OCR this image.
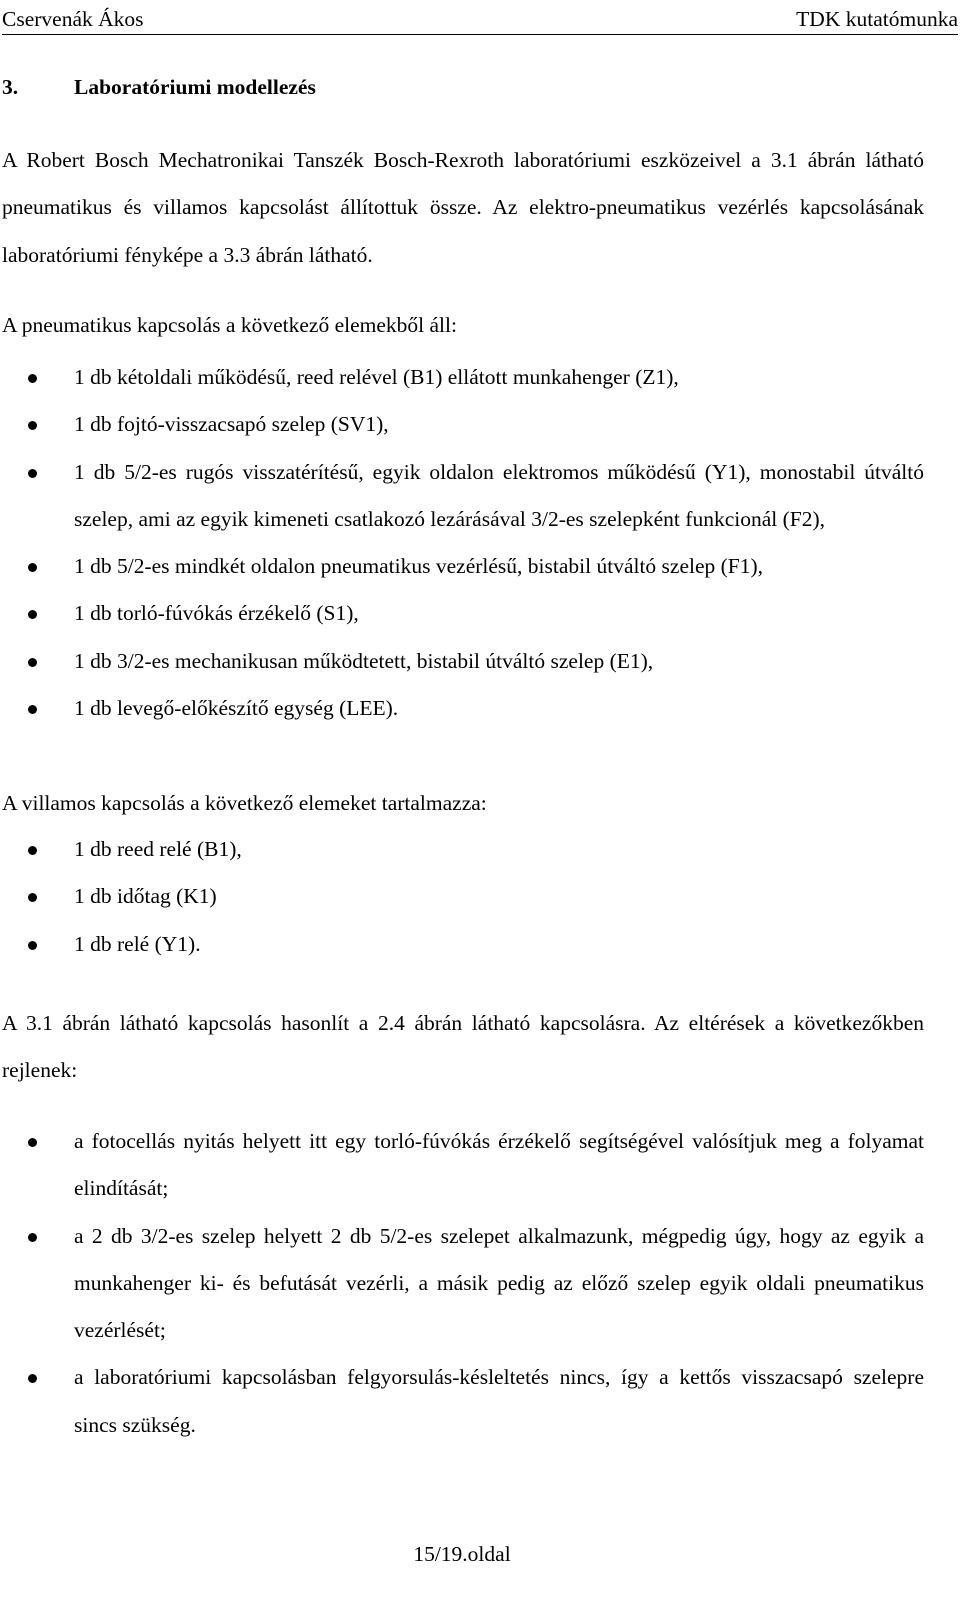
Cservenák Ákos	TDK kutatómunka
3.	Laboratóriumi modellezés

A Robert Bosch Mechatronikai Tanszék Bosch-Rexroth laboratóriumi eszközeivel a 3.1 ábrán látható pneumatikus és villamos kapcsolást állítottuk össze. Az elektro-pneumatikus vezérlés kapcsolásának laboratóriumi fényképe a 3.3 ábrán látható.

A pneumatikus kapcsolás a következő elemekből áll:

1 db kétoldali működésű, reed relével (B1) ellátott munkahenger (Z1),
1 db fojtó-visszacsapó szelep (SV1),
1 db 5/2-es rugós visszatérítésű, egyik oldalon elektromos működésű (Y1), monostabil útváltó szelep, ami az egyik kimeneti csatlakozó lezárásával 3/2-es szelepként funkcionál (F2),
1 db 5/2-es mindkét oldalon pneumatikus vezérlésű, bistabil útváltó szelep (F1),
1 db torló-fúvókás érzékelő (S1),
1 db 3/2-es mechanikusan működtetett, bistabil útváltó szelep (E1),
1 db levegő-előkészítő egység (LEE).

A villamos kapcsolás a következő elemeket tartalmazza:

1 db reed relé (B1),
1 db időtag (K1)
1 db relé (Y1).

A 3.1 ábrán látható kapcsolás hasonlít a 2.4 ábrán látható kapcsolásra. Az eltérések a következőkben rejlenek:

a fotocellás nyitás helyett itt egy torló-fúvókás érzékelő segítségével valósítjuk meg a folyamat elindítását;
a 2 db 3/2-es szelep helyett 2 db 5/2-es szelepet alkalmazunk, mégpedig úgy, hogy az egyik a munkahenger ki- és befutását vezérli, a másik pedig az előző szelep egyik oldali pneumatikus vezérlését;
a laboratóriumi kapcsolásban felgyorsulás-késleltetés nincs, így a kettős visszacsapó szelepre sincs szükség.
15/19.oldal
